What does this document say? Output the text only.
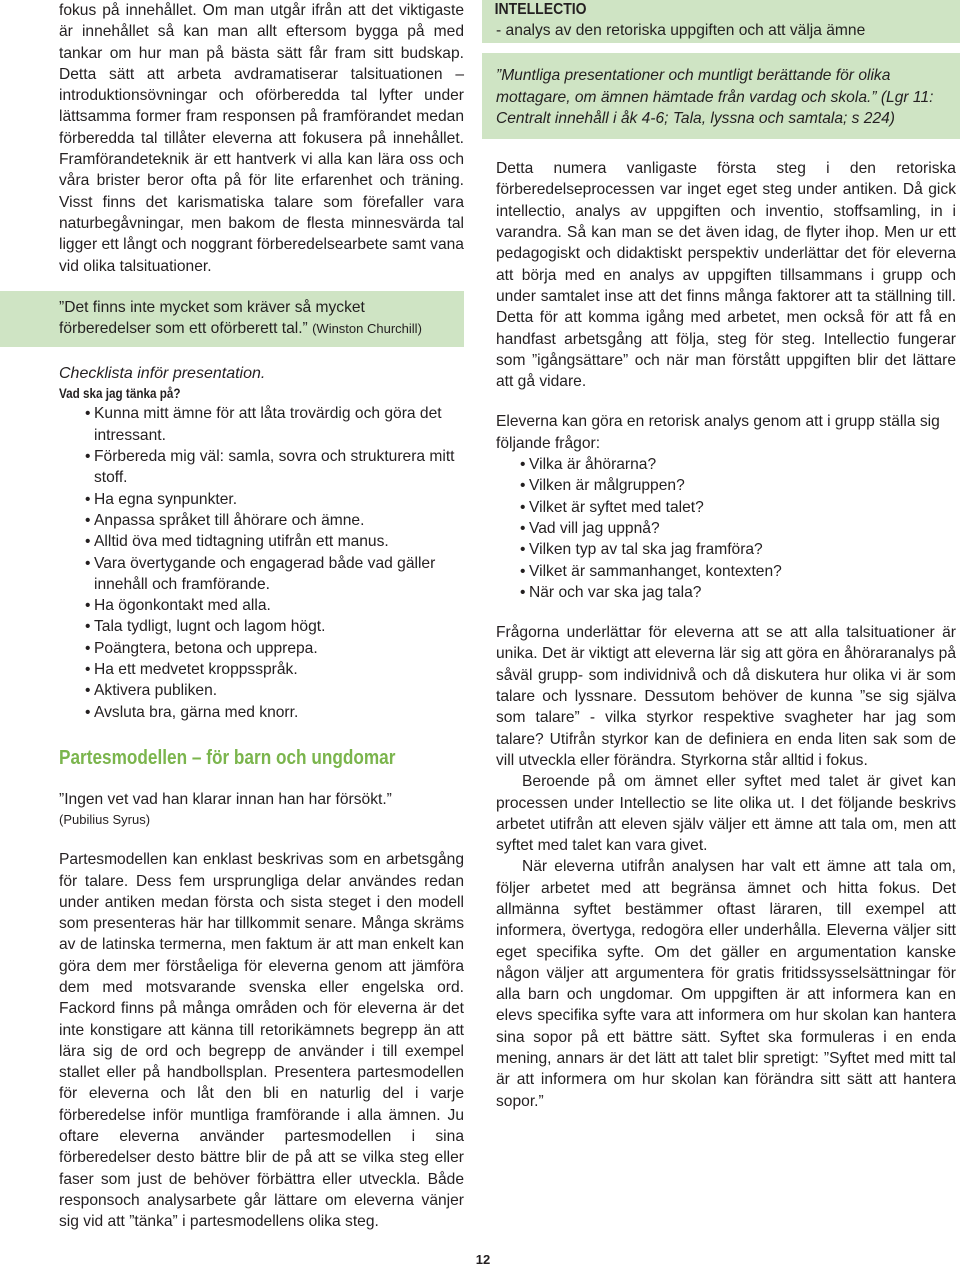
fokus på innehållet. Om man utgår ifrån att det viktigaste är innehållet så kan man allt eftersom bygga på med tankar om hur man på bästa sätt får fram sitt budskap. Detta sätt att arbeta avdramatiserar talsituationen – introduktionsövningar och oförberedda tal lyfter under lättsamma former fram responsen på framförandet medan förberedda tal tillåter eleverna att fokusera på innehållet. Framförandeteknik är ett hantverk vi alla kan lära oss och våra brister beror ofta på för lite erfarenhet och träning. Visst finns det karismatiska talare som förefaller vara naturbegåvningar, men bakom de flesta minnesvärda tal ligger ett långt och noggrant förberedelsearbete samt vana vid olika talsituationer.

”Det finns inte mycket som kräver så mycket förberedelser som ett oförberett tal.” (Winston Churchill)
Checklista inför presentation.
Vad ska jag tänka på?
• Kunna mitt ämne för att låta trovärdig och göra det intressant.
• Förbereda mig väl: samla, sovra och strukturera mitt stoff.
• Ha egna synpunkter.
• Anpassa språket till åhörare och ämne.
• Alltid öva med tidtagning utifrån ett manus.
• Vara övertygande och engagerad både vad gäller innehåll och framförande.
• Ha ögonkontakt med alla.
• Tala tydligt, lugnt och lagom högt.
• Poängtera, betona och upprepa.
• Ha ett medvetet kroppsspråk.
• Aktivera publiken.
• Avsluta bra, gärna med knorr.
Partesmodellen – för barn och ungdomar
”Ingen vet vad han klarar innan han har försökt.”
(Pubilius Syrus)

Partesmodellen kan enklast beskrivas som en arbetsgång för talare. Dess fem ursprungliga delar användes redan under antiken medan första och sista steget i den modell som presenteras här har tillkommit senare. Många skräms av de latinska termerna, men faktum är att man enkelt kan göra dem mer förståeliga för eleverna genom att jämföra dem med motsvarande svenska eller engelska ord. Fackord finns på många områden och för eleverna är det inte konstigare att känna till retorikämnets begrepp än att lära sig de ord och begrepp de använder i till exempel stallet eller på handbollsplan. Presentera partesmodellen för eleverna och låt den bli en naturlig del i varje förberedelse inför muntliga framförande i alla ämnen. Ju oftare eleverna använder partesmodellen i sina förberedelser desto bättre blir de på att se vilka steg eller faser som just de behöver förbättra eller utveckla. Både responsoch analysarbete går lättare om eleverna vänjer sig vid att ”tänka” i partesmodellens olika steg.

INTELLECTIO
- analys av den retoriska uppgiften och att välja ämne
”Muntliga presentationer och muntligt berättande för olika mottagare, om ämnen hämtade från vardag och skola.” (Lgr 11: Centralt innehåll i åk 4-6; Tala, lyssna och samtala; s 224)

Detta numera vanligaste första steg i den retoriska förberedelseprocessen var inget eget steg under antiken. Då gick intellectio, analys av uppgiften och inventio, stoffsamling, in i varandra. Så kan man se det även idag, de flyter ihop. Men ur ett pedagogiskt och didaktiskt perspektiv underlättar det för eleverna att börja med en analys av uppgiften tillsammans i grupp och under samtalet inse att det finns många faktorer att ta ställning till. Detta för att komma igång med arbetet, men också för att få en handfast arbetsgång att följa, steg för steg. Intellectio fungerar som ”igångsättare” och när man förstått uppgiften blir det lättare att gå vidare.

Eleverna kan göra en retorisk analys genom att i grupp ställa sig följande frågor:

• Vilka är åhörarna?
• Vilken är målgruppen?
• Vilket är syftet med talet?
• Vad vill jag uppnå?
• Vilken typ av tal ska jag framföra?
• Vilket är sammanhanget, kontexten?
• När och var ska jag tala?

Frågorna underlättar för eleverna att se att alla talsituationer är unika. Det är viktigt att eleverna lär sig att göra en åhöraranalys på såväl grupp- som individnivå och då diskutera hur olika vi är som talare och lyssnare. Dessutom behöver de kunna ”se sig själva som talare” - vilka styrkor respektive svagheter har jag som talare? Utifrån styrkor kan de definiera en enda liten sak som de vill utveckla eller förändra. Styrkorna står alltid i fokus.

Beroende på om ämnet eller syftet med talet är givet kan processen under Intellectio se lite olika ut. I det följande beskrivs arbetet utifrån att eleven själv väljer ett ämne att tala om, men att syftet med talet kan vara givet.

När eleverna utifrån analysen har valt ett ämne att tala om, följer arbetet med att begränsa ämnet och hitta fokus. Det allmänna syftet bestämmer oftast läraren, till exempel att informera, övertyga, redogöra eller underhålla. Eleverna väljer sitt eget specifika syfte. Om det gäller en argumentation kanske någon väljer att argumentera för gratis fritidssysselsättningar för alla barn och ungdomar. Om uppgiften är att informera kan en elevs specifika syfte vara att informera om hur skolan kan hantera sina sopor på ett bättre sätt. Syftet ska formuleras i en enda mening, annars är det lätt att talet blir spretigt: ”Syftet med mitt tal är att informera om hur skolan kan förändra sitt sätt att hantera sopor.”

12
